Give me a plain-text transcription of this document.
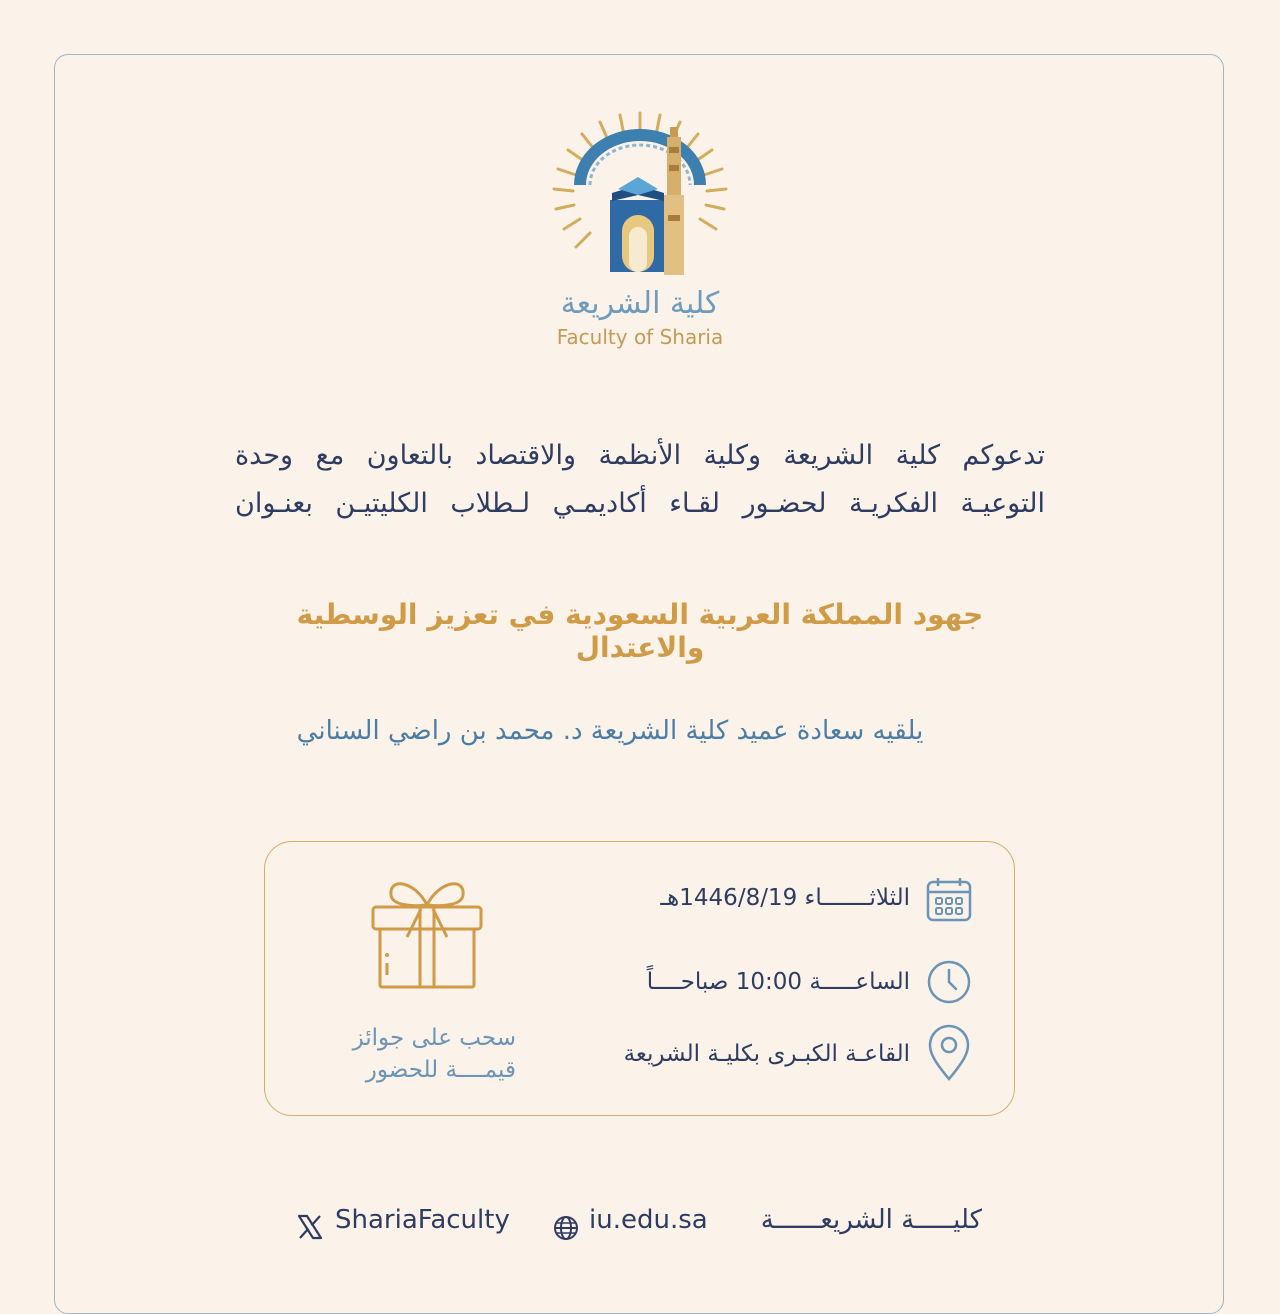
كلية الشريعة
Faculty of Sharia
تدعوكم كلية الشريعة وكلية الأنظمة والاقتصاد بالتعاون مع وحدة
التوعيـة الفكريـة لحضـور لقـاء أكاديمـي لـطلاب الكليتيـن بعنـوان
جهود المملكة العربية السعودية في تعزيز الوسطية والاعتدال
يلقيه سعادة عميد كلية الشريعة د. محمد بن راضي السناني
الثلاثـــــــاء 1446/8/19هـ
الساعـــــة 10:00 صباحــــاً
القاعـة الكبـرى بكليـة الشريعة
سحب على جوائز
قيمــــة للحضور
ShariaFaculty	iu.edu.sa	كليـــــة الشريعــــــة
